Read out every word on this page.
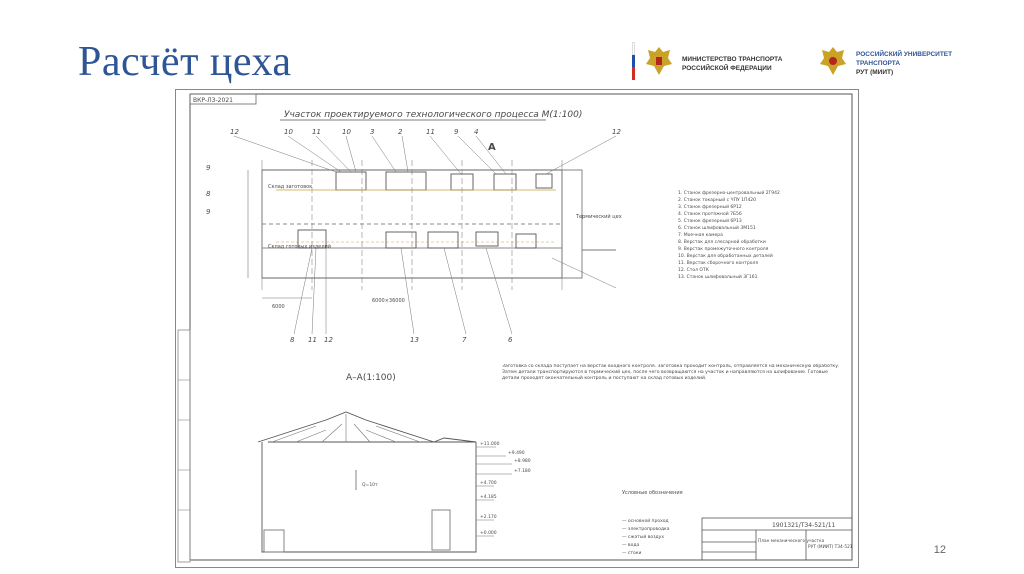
Расчёт цеха	МИНИСТЕРСТВО ТРАНСПОРТА
РОССИЙСКОЙ ФЕДЕРАЦИИ
РОССИЙСКИЙ УНИВЕРСИТЕТ
ТРАНСПОРТА
РУТ (МИИТ)
ВКР-ЛЗ-2021
Участок проектируемого технологического процесса М(1:100)
12	10	11	10	3	2	11	9 4	12
9
8
9
8 11 12	13	7	6
А
Склад заготовок
Склад готовых изделий
Термический цех
6000
6000×36000
1. Станок фрезерно-центровальный 2Г942
2. Станок токарный с ЧПУ 1П420
3. Станок фрезерный 6Р12
4. Станок протяжной 7Б56
5. Станок фрезерный 6Р13
6. Станок шлифовальный 3М151
7. Моечная камера
8. Верстак для слесарной обработки
9. Верстак промежуточного контроля
10. Верстак для обработанных деталей
11. Верстак сборочного контроля
12. Стол ОТК
13. Станок шлифовальный 3Г161
Заготовка со склада поступает на верстак входного контроля. Заготовка проходит контроль, отправляется на механическую обработку. Затем детали транспортируются в термический цех, после чего возвращаются на участок и направляются на шлифование. Готовые детали проходят окончательный контроль и поступают на склад готовых изделий.
А–А(1:100)
+11.000
+9.490
+8.980
+7.180
+4.700
+4.185
+2.170
+0.000
Q=10т
Условные обозначения
— основной проход
— электропроводка
— сжатый воздух
— вода
— стоки
1901321/ТЗ4-521/11
План механического участка
РУТ (МИИТ) ТЗ4-521	12
